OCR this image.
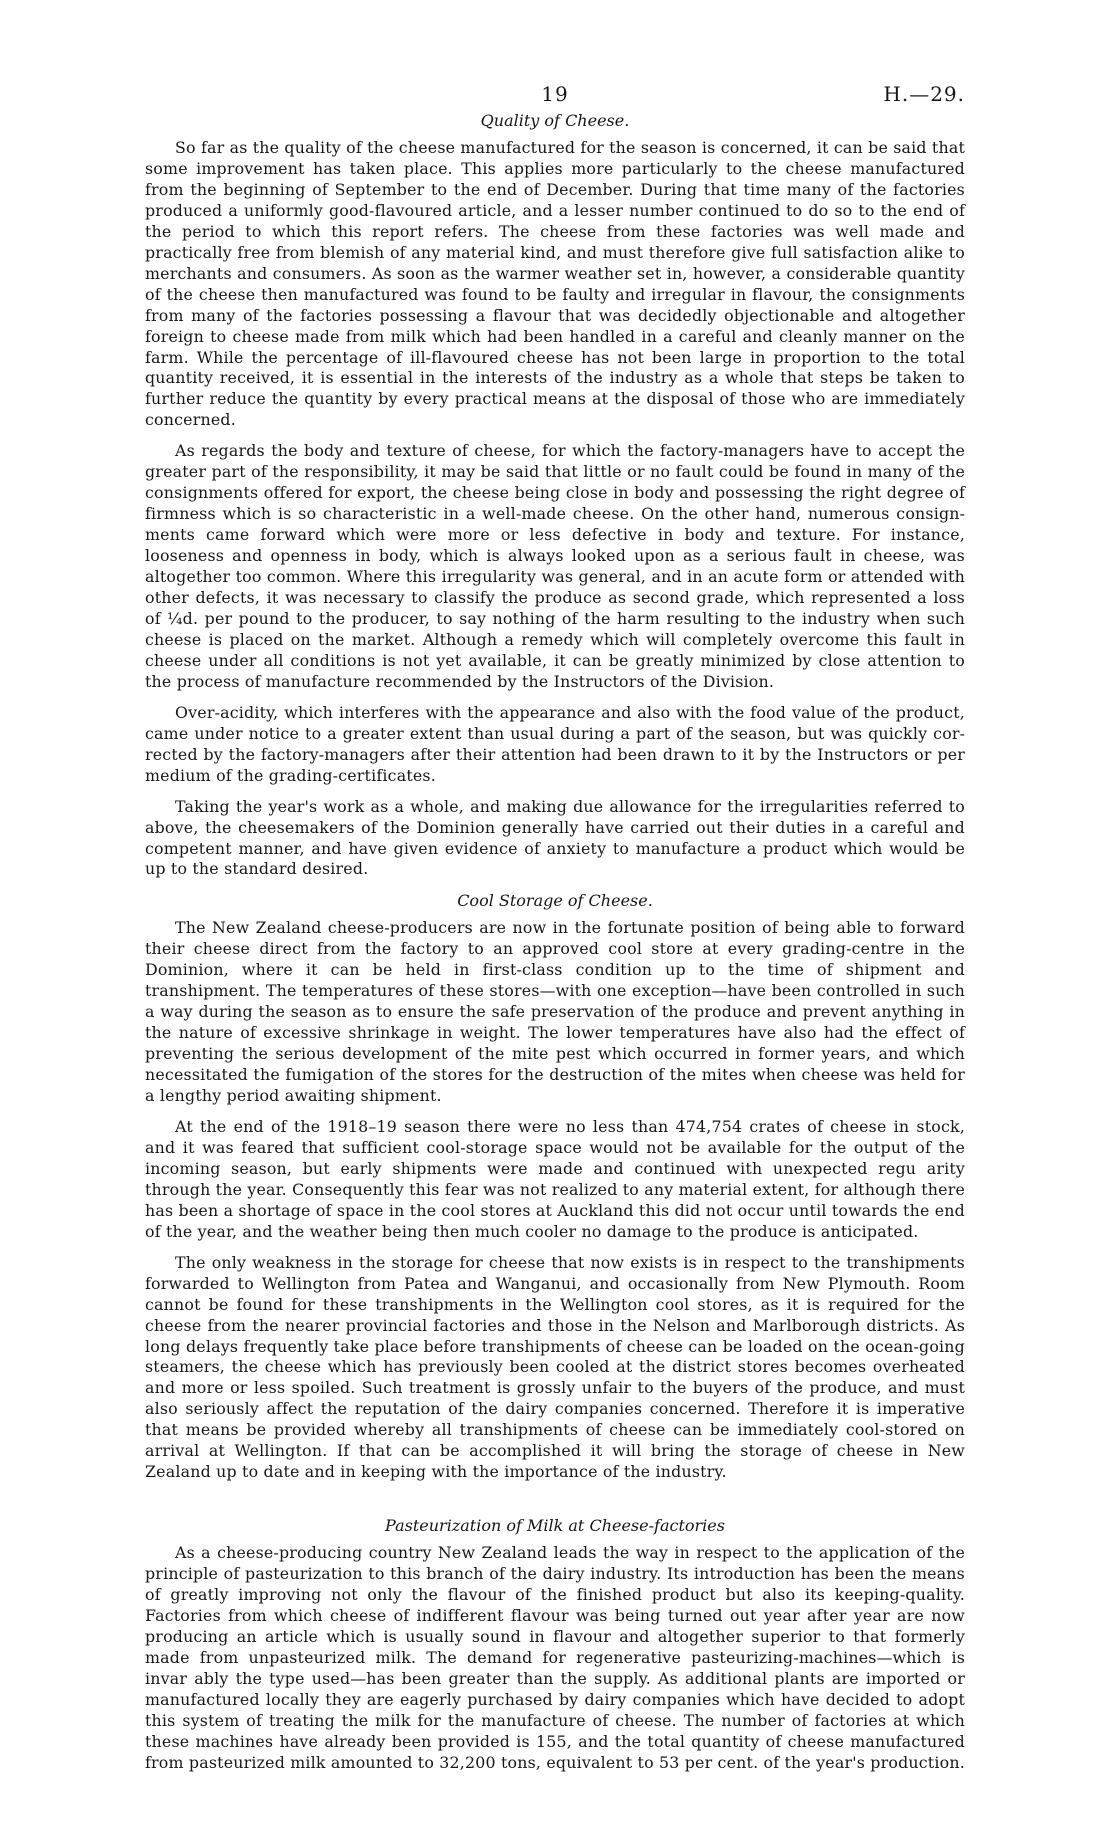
19	H.—29.
Quality of Cheese.

So far as the quality of the cheese manufactured for the season is concerned, it can be said that some improvement has taken place. This applies more particularly to the cheese manufactured from the beginning of September to the end of December. During that time many of the factories produced a uniformly good-flavoured article, and a lesser number continued to do so to the end of the period to which this report refers. The cheese from these factories was well made and practically free from blemish of any material kind, and must therefore give full satisfaction alike to merchants and consumers. As soon as the warmer weather set in, however, a considerable quantity of the cheese then manufactured was found to be faulty and irregular in flavour, the consignments from many of the factories possessing a flavour that was decidedly objectionable and altogether foreign to cheese made from milk which had been handled in a careful and cleanly manner on the farm. While the percentage of ill-flavoured cheese has not been large in proportion to the total quantity received, it is essential in the interests of the industry as a whole that steps be taken to further reduce the quantity by every practical means at the disposal of those who are immediately concerned.

As regards the body and texture of cheese, for which the factory-managers have to accept the greater part of the responsibility, it may be said that little or no fault could be found in many of the consignments offered for export, the cheese being close in body and possessing the right degree of firmness which is so characteristic in a well-made cheese. On the other hand, numerous consignments came forward which were more or less defective in body and texture. For instance, looseness and openness in body, which is always looked upon as a serious fault in cheese, was altogether too common. Where this irregularity was general, and in an acute form or attended with other defects, it was necessary to classify the produce as second grade, which represented a loss of ¼d. per pound to the producer, to say nothing of the harm resulting to the industry when such cheese is placed on the market. Although a remedy which will completely overcome this fault in cheese under all conditions is not yet available, it can be greatly minimized by close attention to the process of manufacture recommended by the Instructors of the Division.

Over-acidity, which interferes with the appearance and also with the food value of the product, came under notice to a greater extent than usual during a part of the season, but was quickly corrected by the factory-managers after their attention had been drawn to it by the Instructors or per medium of the grading-certificates.

Taking the year's work as a whole, and making due allowance for the irregularities referred to above, the cheesemakers of the Dominion generally have carried out their duties in a careful and competent manner, and have given evidence of anxiety to manufacture a product which would be up to the standard desired.

Cool Storage of Cheese.

The New Zealand cheese-producers are now in the fortunate position of being able to forward their cheese direct from the factory to an approved cool store at every grading-centre in the Dominion, where it can be held in first-class condition up to the time of shipment and transhipment. The temperatures of these stores—with one exception—have been controlled in such a way during the season as to ensure the safe preservation of the produce and prevent anything in the nature of excessive shrinkage in weight. The lower temperatures have also had the effect of preventing the serious development of the mite pest which occurred in former years, and which necessitated the fumigation of the stores for the destruction of the mites when cheese was held for a lengthy period awaiting shipment.

At the end of the 1918–19 season there were no less than 474,754 crates of cheese in stock, and it was feared that sufficient cool-storage space would not be available for the output of the incoming season, but early shipments were made and continued with unexpected regu arity through the year. Consequently this fear was not realized to any material extent, for although there has been a shortage of space in the cool stores at Auckland this did not occur until towards the end of the year, and the weather being then much cooler no damage to the produce is anticipated.

The only weakness in the storage for cheese that now exists is in respect to the transhipments forwarded to Wellington from Patea and Wanganui, and occasionally from New Plymouth. Room cannot be found for these transhipments in the Wellington cool stores, as it is required for the cheese from the nearer provincial factories and those in the Nelson and Marlborough districts. As long delays frequently take place before transhipments of cheese can be loaded on the ocean-going steamers, the cheese which has previously been cooled at the district stores becomes overheated and more or less spoiled. Such treatment is grossly unfair to the buyers of the produce, and must also seriously affect the reputation of the dairy companies concerned. Therefore it is imperative that means be provided whereby all transhipments of cheese can be immediately cool-stored on arrival at Wellington. If that can be accomplished it will bring the storage of cheese in New Zealand up to date and in keeping with the importance of the industry.

Pasteurization of Milk at Cheese-factories

As a cheese-producing country New Zealand leads the way in respect to the application of the principle of pasteurization to this branch of the dairy industry. Its introduction has been the means of greatly improving not only the flavour of the finished product but also its keeping-quality. Factories from which cheese of indifferent flavour was being turned out year after year are now producing an article which is usually sound in flavour and altogether superior to that formerly made from unpasteurized milk. The demand for regenerative pasteurizing-machines—which is invar ably the type used—has been greater than the supply. As additional plants are imported or manufactured locally they are eagerly purchased by dairy companies which have decided to adopt this system of treating the milk for the manufacture of cheese. The number of factories at which these machines have already been provided is 155, and the total quantity of cheese manufactured from pasteurized milk amounted to 32,200 tons, equivalent to 53 per cent. of the year's production.
